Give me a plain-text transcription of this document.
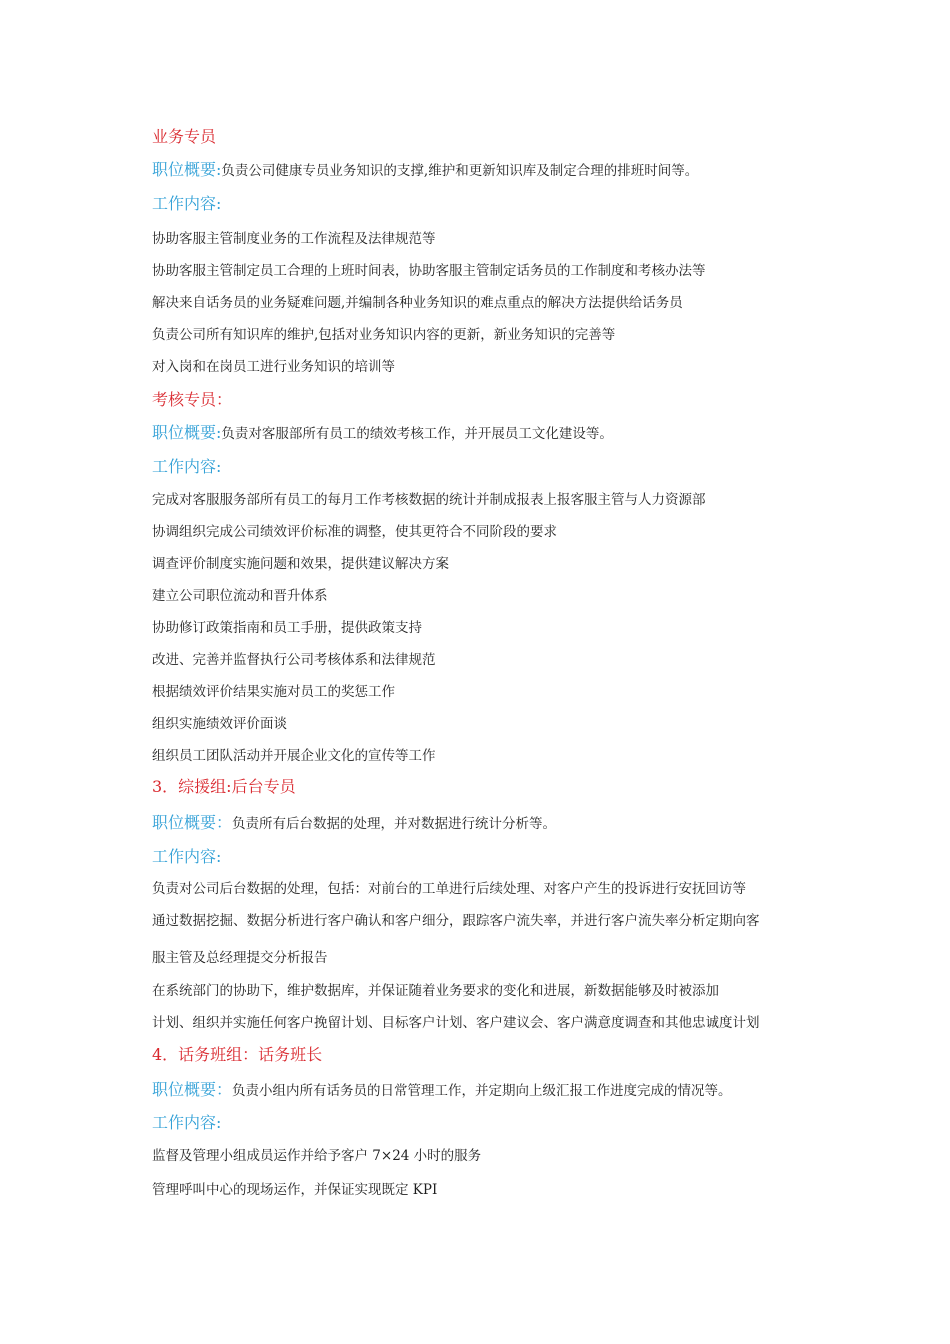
业务专员
职位概要:负责公司健康专员业务知识的支撑,维护和更新知识库及制定合理的排班时间等。
工作内容:
协助客服主管制度业务的工作流程及法律规范等
协助客服主管制定员工合理的上班时间表，协助客服主管制定话务员的工作制度和考核办法等
解决来自话务员的业务疑难问题,并编制各种业务知识的难点重点的解决方法提供给话务员
负责公司所有知识库的维护,包括对业务知识内容的更新，新业务知识的完善等
对入岗和在岗员工进行业务知识的培训等
考核专员：
职位概要:负责对客服部所有员工的绩效考核工作，并开展员工文化建设等。
工作内容:
完成对客服服务部所有员工的每月工作考核数据的统计并制成报表上报客服主管与人力资源部
协调组织完成公司绩效评价标准的调整，使其更符合不同阶段的要求
调查评价制度实施问题和效果，提供建议解决方案
建立公司职位流动和晋升体系
协助修订政策指南和员工手册，提供政策支持
改进、完善并监督执行公司考核体系和法律规范
根据绩效评价结果实施对员工的奖惩工作
组织实施绩效评价面谈
组织员工团队活动并开展企业文化的宣传等工作
3．综援组:后台专员
职位概要：负责所有后台数据的处理，并对数据进行统计分析等。
工作内容:
负责对公司后台数据的处理，包括：对前台的工单进行后续处理、对客户产生的投诉进行安抚回访等
通过数据挖掘、数据分析进行客户确认和客户细分，跟踪客户流失率，并进行客户流失率分析定期向客
服主管及总经理提交分析报告
在系统部门的协助下，维护数据库，并保证随着业务要求的变化和进展，新数据能够及时被添加
计划、组织并实施任何客户挽留计划、目标客户计划、客户建议会、客户满意度调查和其他忠诚度计划
4．话务班组：话务班长
职位概要：负责小组内所有话务员的日常管理工作，并定期向上级汇报工作进度完成的情况等。
工作内容:
监督及管理小组成员运作并给予客户 7×24 小时的服务
管理呼叫中心的现场运作，并保证实现既定 KPI
